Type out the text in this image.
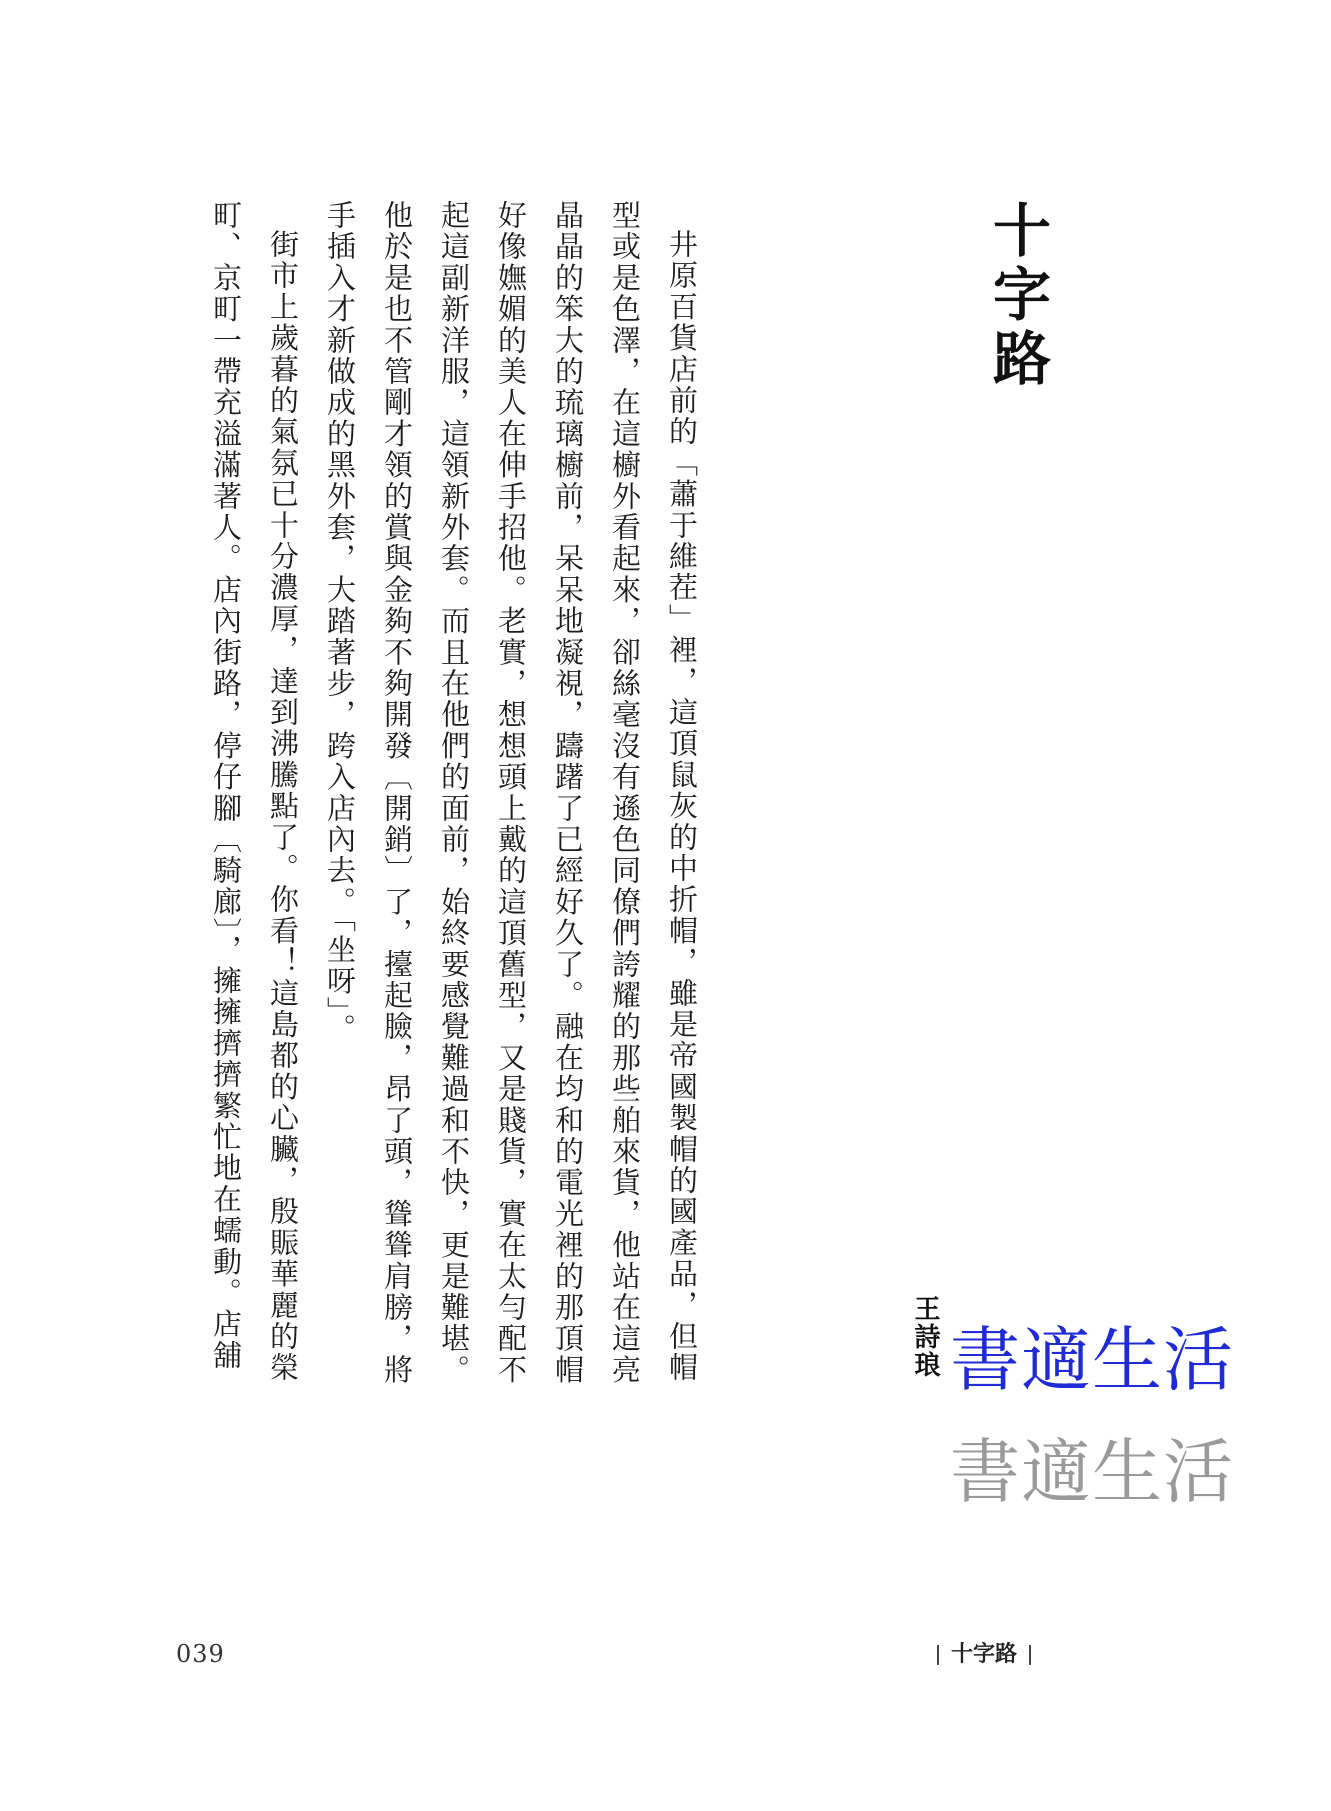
十字路
王詩琅 書適生活
書適生活

井原百貨店前的「蕭于維茬」裡，這頂鼠灰的中折帽，雖是帝國製帽的國產品，但帽型或是色澤，在這櫥外看起來，卻絲毫沒有遜色同僚們誇耀的那些舶來貨，他站在這亮晶晶的笨大的琉璃櫥前，呆呆地凝視，躊躇了已經好久了。融在均和的電光裡的那頂帽好像嫵媚的美人在伸手招他。老實，想想頭上戴的這頂舊型，又是賤貨，實在太勻配不起這副新洋服，這領新外套。而且在他們的面前，始終要感覺難過和不快，更是難堪。他於是也不管剛才領的賞與金夠不夠開發〔開銷〕了，擡起臉，昂了頭，聳聳肩膀，將手插入才新做成的黑外套，大踏著步，跨入店內去。「坐呀」。

街市上歲暮的氣氛已十分濃厚，達到沸騰點了。你看！這島都的心臟，殷賑華麗的榮町、京町一帶充溢滿著人。店內街路，停仔腳〔騎廊〕，擁擁擠擠繁忙地在蠕動。店舖

039	十字路
